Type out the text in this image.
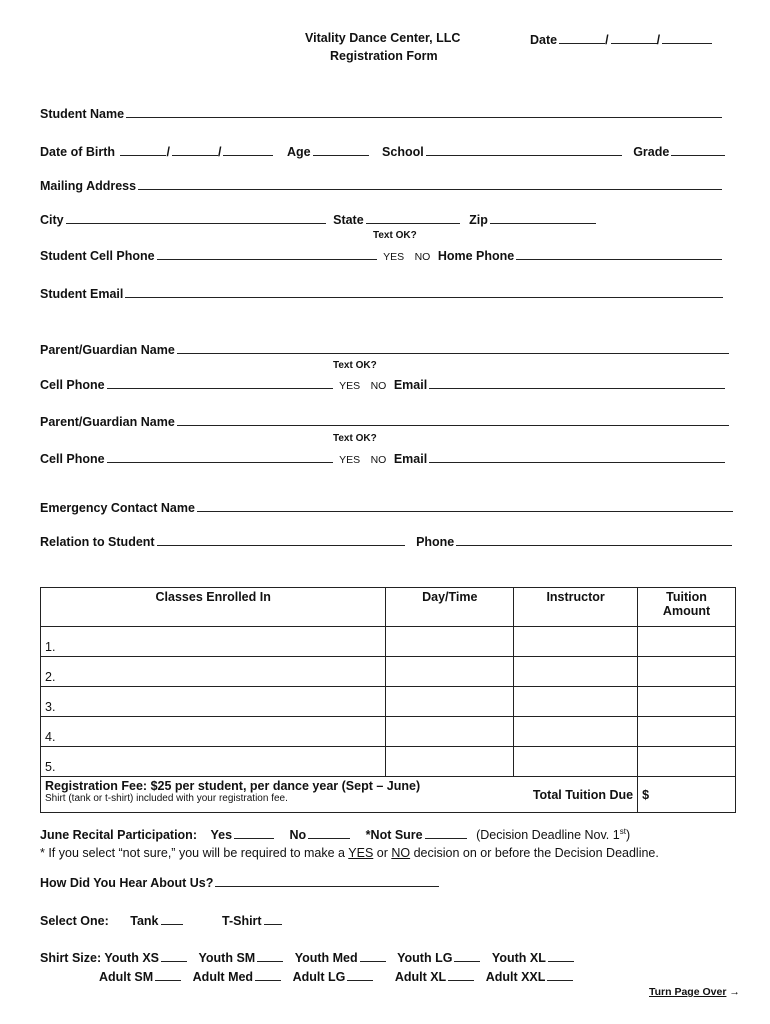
Vitality Dance Center, LLC
Registration Form
Date	/	/
Student Name
Date of Birth	/	/	Age	School	Grade
Mailing Address
City	State	Zip
Text OK?
Student Cell Phone	YES NO Home Phone
Student Email
Parent/Guardian Name
Text OK?
Cell Phone	YES NO Email
Parent/Guardian Name
Text OK?
Cell Phone	YES NO Email
Emergency Contact Name
Relation to Student	Phone
Classes Enrolled In	Day/Time	Instructor	Tuition Amount
1.			
2.			
3.			
4.			
5.			

Registration Fee: $25 per student, per dance year (Sept – June)
Shirt (tank or t-shirt) included with your registration fee.		Total Tuition Due	$
June Recital Participation: Yes	No	*Not Sure	(Decision Deadline Nov. 1st)
* If you select “not sure,” you will be required to make a YES or NO decision on or before the Decision Deadline.
How Did You Hear About Us?
Select One: Tank	T-Shirt
Shirt Size: Youth XS	Youth SM	Youth Med	Youth LG	Youth XL
Adult SM	Adult Med	Adult LG	Adult XL	Adult XXL
Turn Page Over →
